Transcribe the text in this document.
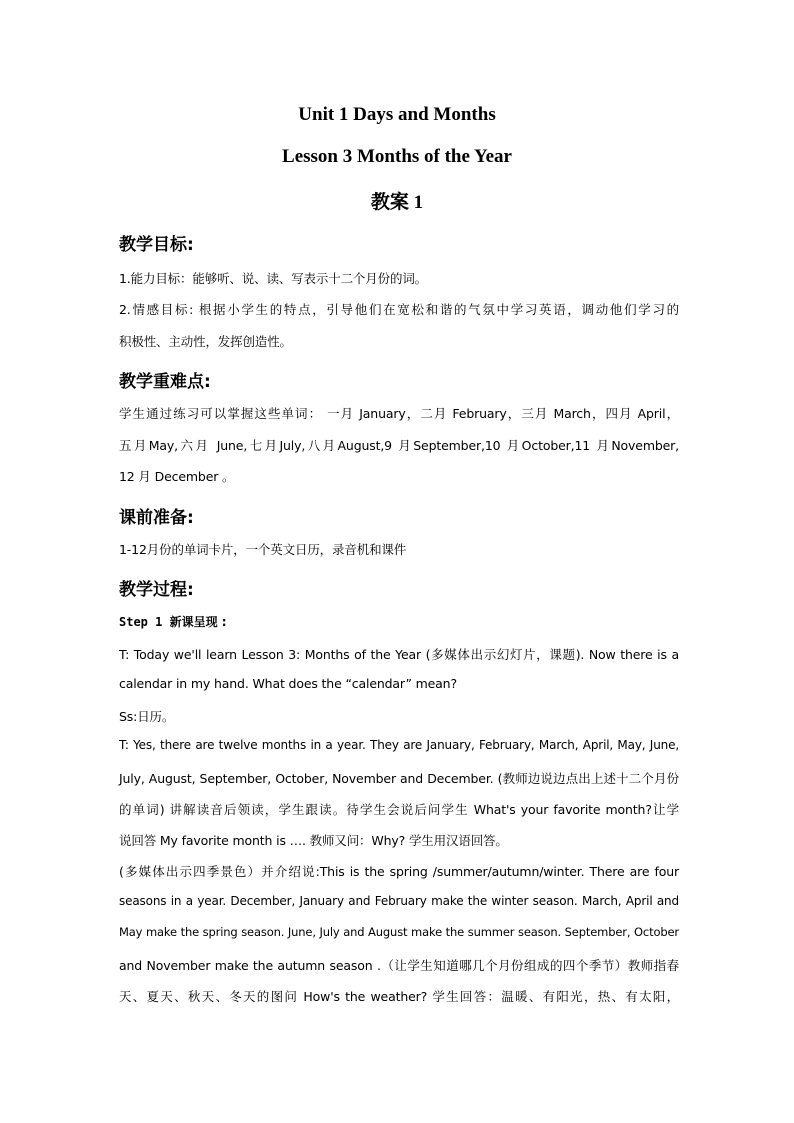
Unit 1 Days and Months
Lesson 3 Months of the Year
教案 1
教学目标:
1.能力目标：能够听、说、读、写表示十二个月份的词。
2.情感目标: 根据小学生的特点，引导他们在宽松和谐的气氛中学习英语，调动他们学习的
积极性、主动性，发挥创造性。
教学重难点:
学生通过练习可以掌握这些单词： 一月 January，二月 February，三月 March，四月 April，
五月May,六月 June,七月July,八月August,9 月September,10 月October,11 月November,
12 月 December 。
课前准备:
1-12月份的单词卡片，一个英文日历，录音机和课件
教学过程:
Step 1 新课呈现 :
T: Today we'll learn Lesson 3: Months of the Year (多媒体出示幻灯片，课题). Now there is a
calendar in my hand. What does the “calendar” mean?
Ss:日历。
T: Yes, there are twelve months in a year. They are January, February, March, April, May, June,
July, August, September, October, November and December. (教师边说边点出上述十二个月份
的单词) 讲解读音后领读，学生跟读。待学生会说后问学生 What's your favorite month?让学
说回答 My favorite month is …. 教师又问：Why? 学生用汉语回答。
(多媒体出示四季景色）并介绍说:This is the spring /summer/autumn/winter. There are four
seasons in a year. December, January and February make the winter season. March, April and
May make the spring season. June, July and August make the summer season. September, October
and November make the autumn season .（让学生知道哪几个月份组成的四个季节）教师指春
天、夏天、秋天、冬天的图问 How's the weather? 学生回答：温暖、有阳光，热、有太阳，
